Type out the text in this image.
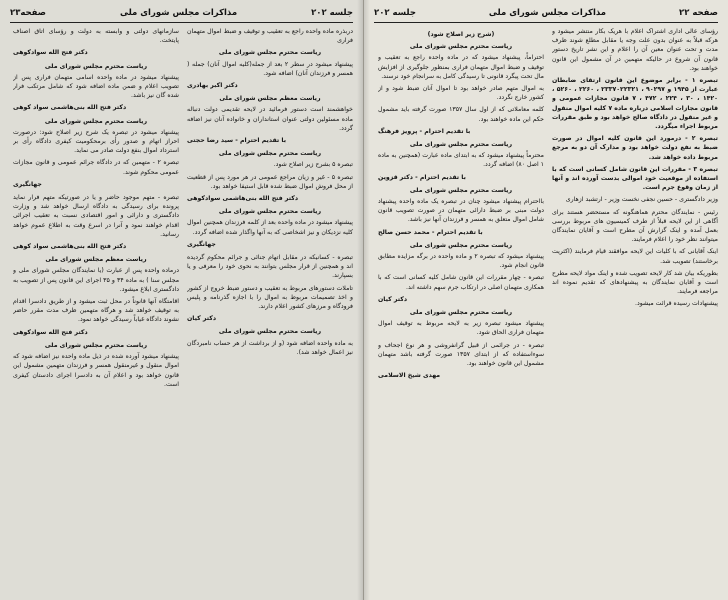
جلسه ۲۰۲
مذاکرات مجلس شورای ملی
صفحه۲۳

دربذره ماده واحده راجع به تعقیب و توقیف و ضبط اموال متهمان فراری

ریاست محترم مجلس شورای ملی

پیشنهاد میشود در سطر ۲ بعد از جمله(کلیه اموال آنان) جمله ( همسر و فرزندان آنان) اضافه شود.

دکتر اکبر بهادری

ریاست معظم مجلس شورای ملی

خواهشمند است دستور فرمائید در لایحه تقدیمی دولت دنباله ماده مسئولین دولتی عنوان استانداران و خانواده آنان نیز اضافه گردد.

با تقدیم احترام - سید رضا حجتی

ریاست محترم مجلس شورای ملی

تبصره ۵ بشرح زیر اصلاح شود.

تبصره ۵ - غیر و زیان مراجع عمومی در هر مورد پس از قطعیت از محل فروش اموال ضبط شده قابل استیفا خواهد بود.

دکتر فتح الله بنی‌هاشمی سوادکوهی

ریاست محترم مجلس شورای ملی

پیشنهاد میشود در ماده واحده بعد از کلمه فرزندان همچنین اموال کلیه نزدیکان و نیز اشخاصی که به آنها واگذار شده اضافه گردد.

جهانگیری

تبصره - کسانیکه در مقابل اتهام جنائی و جرائم محکوم گردیده اند و همچنین از قرار مجلس بتوانند به نحوی خود را معرفی و یا بسپارند.

تاملات دستورهای مربوط به تعقیب و دستور ضبط خروج از کشور و اخذ تصمیمات مربوط به اموال را با اجازه گذرنامه و پلیس فرودگاه و مرزهای کشور اعلام دارند.

دکتر کیان

ریاست محترم مجلس شورای ملی

به ماده واحده اضافه شود (و از برداشت از هر حساب نامبردگان نیز اعمال خواهد شد).

سازمانهای دولتی و وابسته به دولت و رؤسای اتاق اصناف پایتخت.

دکتر فتح الله سوادکوهی

ریاست محترم مجلس شورای ملی

پیشنهاد میشود در ماده واحده اسامی متهمان فراری پس از تصویب اعلام و ضمن ماده اضافه شود که شامل مرتکب فرار شده گان نیز باشد.

دکتر فتح الله بنی‌هاشمی سواد کوهی

ریاست محترم مجلس شورای ملی

پیشنهاد میشود در تبصره یک شرح زیر اصلاح شود: درصورت احراز اتهام و صدور رأی برمحکومیت کیفری دادگاه رأی بر استرداد اموال بنفع دولت صادر می نماید.

تبصره ۲ - متهمین که در دادگاه جرائم عمومی و قانون مجازات عمومی محکوم شوند.

جهانگیری

تبصره - متهم موجود حاضر و یا در صورتیکه متهم فرار نماید پرونده برای رسیدگی به دادگاه ارسال خواهد شد و وزارت دادگستری و دارائی و امور اقتصادی نسبت به تعقیب اجرائی اقدام خواهند نمود و آنرا در اسرع وقت به اطلاع عموم خواهد رسانید.

دکتر فتح الله بنی‌هاشمی سواد کوهی

ریاست معظم مجلس شورای ملی

درماده واحده پس از عبارت (یا نمایندگان مجلس شورای ملی و مجلس سنا ) به ماده ۳۴ و ۳۵ اجرای این قانون پس از تصویب به دادگستری ابلاغ میشود.

اقامتگاه آنها قانوناً در محل ثبت میشود و از طریق دادسرا اقدام به توقیف خواهد شد و هرگاه متهمین ظرف مدت مقرر حاضر نشوند دادگاه غیاباً رسیدگی خواهد نمود.

دکتر فتح الله سوادکوهی

ریاست محترم مجلس شورای ملی

پیشنهاد میشود آورده شده در ذیل ماده واحده نیز اضافه شود که اموال منقول و غیرمنقول همسر و فرزندان متهمین مشمول این قانون خواهد بود و اعلام آن به دادسرا اجرای دادستان کیفری است.

صفحه ۲۲
مذاکرات مجلس شورای ملی
جلسه ۲۰۲

رؤسای عالی اداری اشتراک اعلام با هریک بکار منتشر میشود و هرکه قبلاً به عنوان بدون علت وجه یا مقابل مطلع شوند ظرف مدت و تحت عنوان معین آن را اعلام و این نشر تاریخ دستور قانون آن شروع در حالیکه متهمین در آن مشمول این قانون خواهند بود.

تبصره ۱ - برابر موضوع این قانون ارتقای ضابطان عبارت از ۱۹۴۵ و ۹۰۲۹۷ ، ۲۳۳۷۰۲۲۳۲۱ ، ۲۲۶۰ ، ۵۲۶۰ ، ۱۴۲۰ ، ۳۰ ، ۲۲۴ ، ۴۷۲ ، ۷ قانون مجازات عمومی و قانون مجازات اسلامی درباره ماده ۷ کلیه اموال منقول و غیر منقول در دادگاه صالح خواهد بود و طبق مقررات مربوط اجراء میگردد.

تبصره ۲ - درمورد این قانون کلیه اموال در صورت ضبط به نفع دولت خواهد بود و مدارک آن دو به مرجع مربوط داده خواهد شد.

تبصره ۳ - مقررات این قانون شامل کسانی است که با استفاده از موقعیت خود اموالی بدست آورده اند و آنها از زمان وقوع جرم است.

وزیر دادگستری - حسین نجفی نخست وزیر - ارتشبد ازهاری

رئیس - نمایندگان محترم هماهنگونه که مستحضر هستند برای آگاهی از این لایحه قبلاً از طرف کمیسیون های مربوط بررسی بعمل آمده و اینک گزارش آن مطرح است و آقایان نمایندگان میتوانند نظر خود را اعلام فرمایند.

اینک آقایانی که با کلیات این لایحه موافقند قیام فرمایند (اکثریت برخاستند) تصویب شد.

بطوریکه بیان شد کار لایحه تصویب شده و اینک مواد لایحه مطرح است و آقایان نمایندگان به پیشنهادهای که تقدیم نموده اند مراجعه فرمایند.

پیشنهادات رسیده قرائت میشود.

(شرح زیر اصلاح شود)

ریاست محترم مجلس شورای ملی

احتراماً، پیشنهاد میشود که در ماده واحده راجع به تعقیب و توقیف و ضبط اموال متهمان فراری بمنظور جلوگیری از افزایش مال تحت پیگرد قانونی تا رسیدگی کامل به سرانجام خود نرسند.

به اموال متهم صادر خواهد بود تا اموال آنان ضبط شود و از کشور خارج نگردد.

کلمه معاملاتی که از اول سال ۱۳۵۷ صورت گرفته باید مشمول حکم این ماده خواهند بود.

با تقدیم احترام - پرویز فرهنگ

ریاست محترم مجلس شورای ملی

محترماً پیشنهاد میشود که به ابتدای ماده عبارت (همچنین به ماده ۱ اصل ۸۰) اضافه گردد.

با تقدیم احترام - دکتر قزوین

ریاست محترم مجلس شورای ملی

بااحترام پیشنهاد میشود چنان در تبصره یک ماده واحده پیشنهاد دولت مبنی بر ضبط دارائی متهمان در صورت تصویب قانون شامل اموال متعلق به همسر و فرزندان آنها نیز باشد.

با تقدیم احترام - محمد حسن صالح

ریاست محترم مجلس شورای ملی

پیشنهاد میشود که تبصره ۲ و ماده واحده در برگه مزایده مطابق قانون انجام شود.

تبصره - چهار مقررات این قانون شامل کلیه کسانی است که با همکاری متهمان اصلی در ارتکاب جرم سهم داشته اند.

دکتر کیان

ریاست محترم مجلس شورای ملی

پیشنهاد میشود تبصره زیر به لایحه مربوط به توقیف اموال متهمان فراری الحاق شود.

تبصره - در جرائمی از قبیل گرانفروشی و هر نوع اجحاف و سوءاستفاده که از ابتدای ۱۳۵۷ صورت گرفته باشد متهمان مشمول این قانون خواهند بود.

مهدی شیخ الاسلامی
